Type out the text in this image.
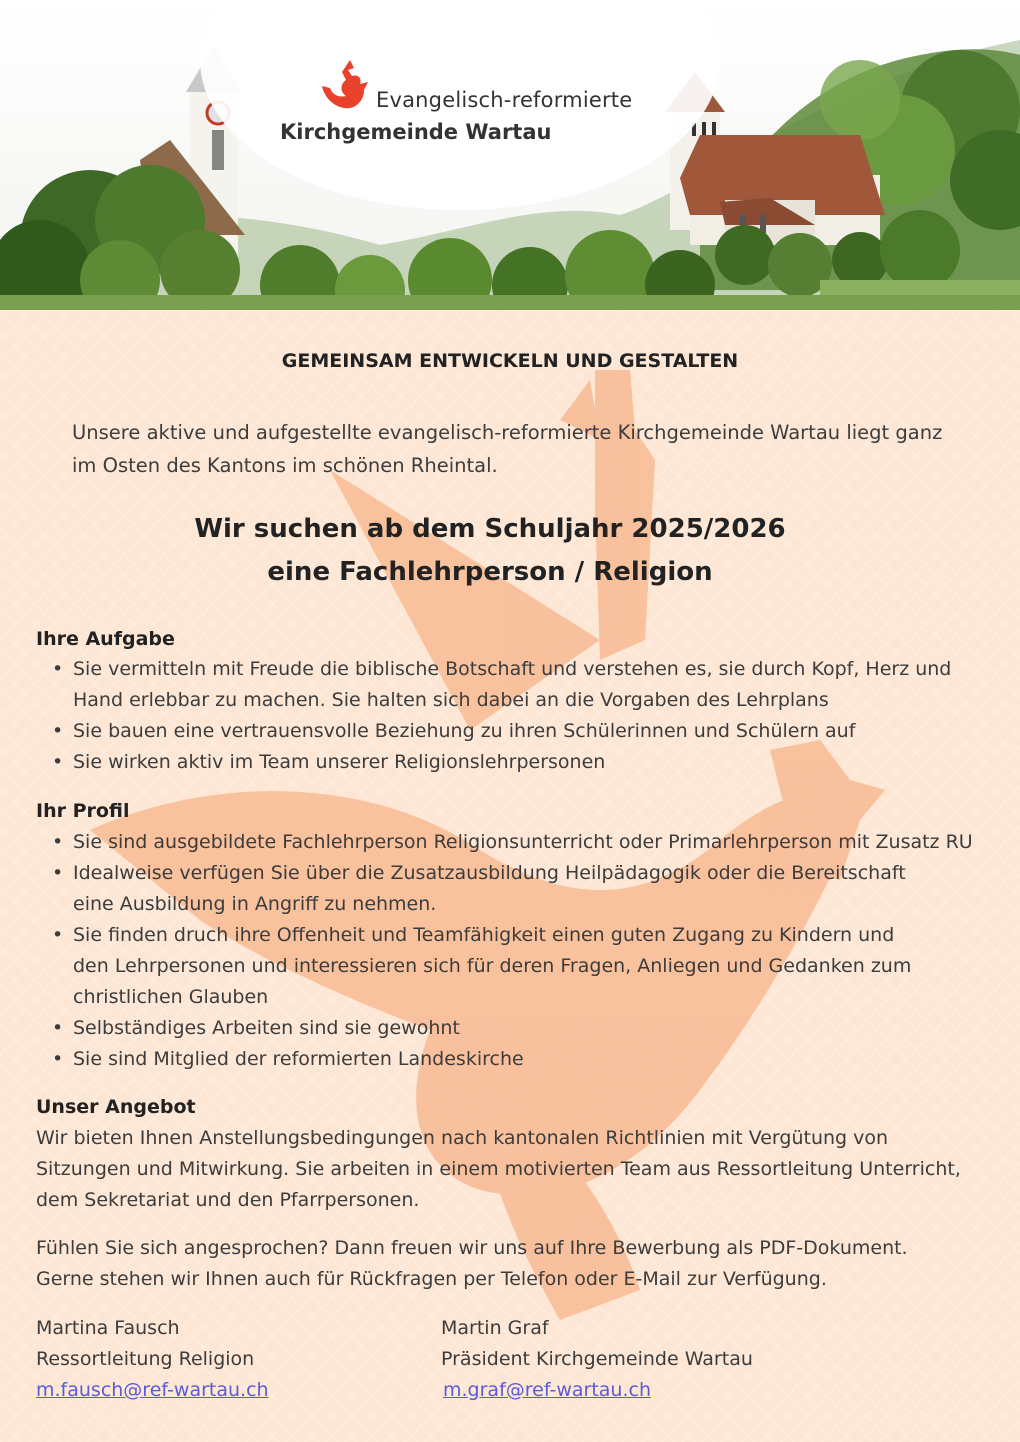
Evangelisch-reformierte
Kirchgemeinde Wartau
GEMEINSAM ENTWICKELN UND GESTALTEN
Unsere aktive und aufgestellte evangelisch-reformierte Kirchgemeinde Wartau liegt ganz im Osten des Kantons im schönen Rheintal.
Wir suchen ab dem Schuljahr 2025/2026
eine Fachlehrperson / Religion
Ihre Aufgabe
• Sie vermitteln mit Freude die biblische Botschaft und verstehen es, sie durch Kopf, Herz und Hand erlebbar zu machen. Sie halten sich dabei an die Vorgaben des Lehrplans
• Sie bauen eine vertrauensvolle Beziehung zu ihren Schülerinnen und Schülern auf
• Sie wirken aktiv im Team unserer Religionslehrpersonen
Ihr Profil
• Sie sind ausgebildete Fachlehrperson Religionsunterricht oder Primarlehrperson mit Zusatz RU
• Idealweise verfügen Sie über die Zusatzausbildung Heilpädagogik oder die Bereitschaft eine Ausbildung in Angriff zu nehmen.
• Sie finden druch ihre Offenheit und Teamfähigkeit einen guten Zugang zu Kindern und den Lehrpersonen und interessieren sich für deren Fragen, Anliegen und Gedanken zum christlichen Glauben
• Selbständiges Arbeiten sind sie gewohnt
• Sie sind Mitglied der reformierten Landeskirche
Unser Angebot
Wir bieten Ihnen Anstellungsbedingungen nach kantonalen Richtlinien mit Vergütung von Sitzungen und Mitwirkung. Sie arbeiten in einem motivierten Team aus Ressortleitung Unterricht, dem Sekretariat und den Pfarrpersonen.
Fühlen Sie sich angesprochen? Dann freuen wir uns auf Ihre Bewerbung als PDF-Dokument.
Gerne stehen wir Ihnen auch für Rückfragen per Telefon oder E-Mail zur Verfügung.
Martina Fausch
Ressortleitung Religion
m.fausch@ref-wartau.ch
Martin Graf
Präsident Kirchgemeinde Wartau
m.graf@ref-wartau.ch
